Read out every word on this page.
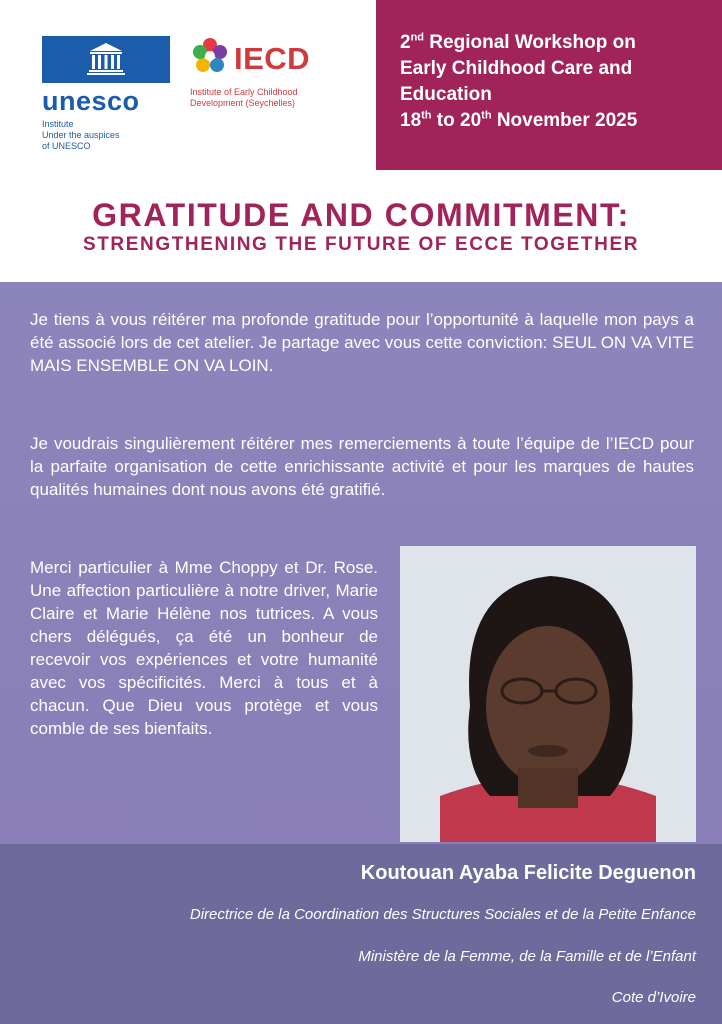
unesco
Institute
Under the auspices
of UNESCO
IECD
Institute of Early Childhood
Development (Seychelles)
2nd Regional Workshop on
Early Childhood Care and
Education
18th to 20th November 2025
GRATITUDE AND COMMITMENT:
STRENGTHENING THE FUTURE OF ECCE TOGETHER
Je tiens à vous réitérer ma profonde gratitude pour l’opportunité à laquelle mon pays a été associé lors de cet atelier. Je partage avec vous cette conviction: SEUL ON VA VITE MAIS ENSEMBLE ON VA LOIN.
Je voudrais singulièrement réitérer mes remerciements à toute l’équipe de l’IECD pour la parfaite organisation de cette enrichissante activité et pour les marques de hautes qualités humaines dont nous avons été gratifié.
Merci particulier à Mme Choppy et Dr. Rose. Une affection particulière à notre driver, Marie Claire et Marie Hélène nos tutrices. A vous chers délégués, ça été un bonheur de recevoir vos expériences et votre humanité avec vos spécificités. Merci à tous et à chacun. Que Dieu vous protège et vous comble de ses bienfaits.
Koutouan Ayaba Felicite Deguenon
Directrice de la Coordination des Structures Sociales et de la Petite Enfance
Ministère de la Femme, de la Famille et de l’Enfant
Cote d’Ivoire
